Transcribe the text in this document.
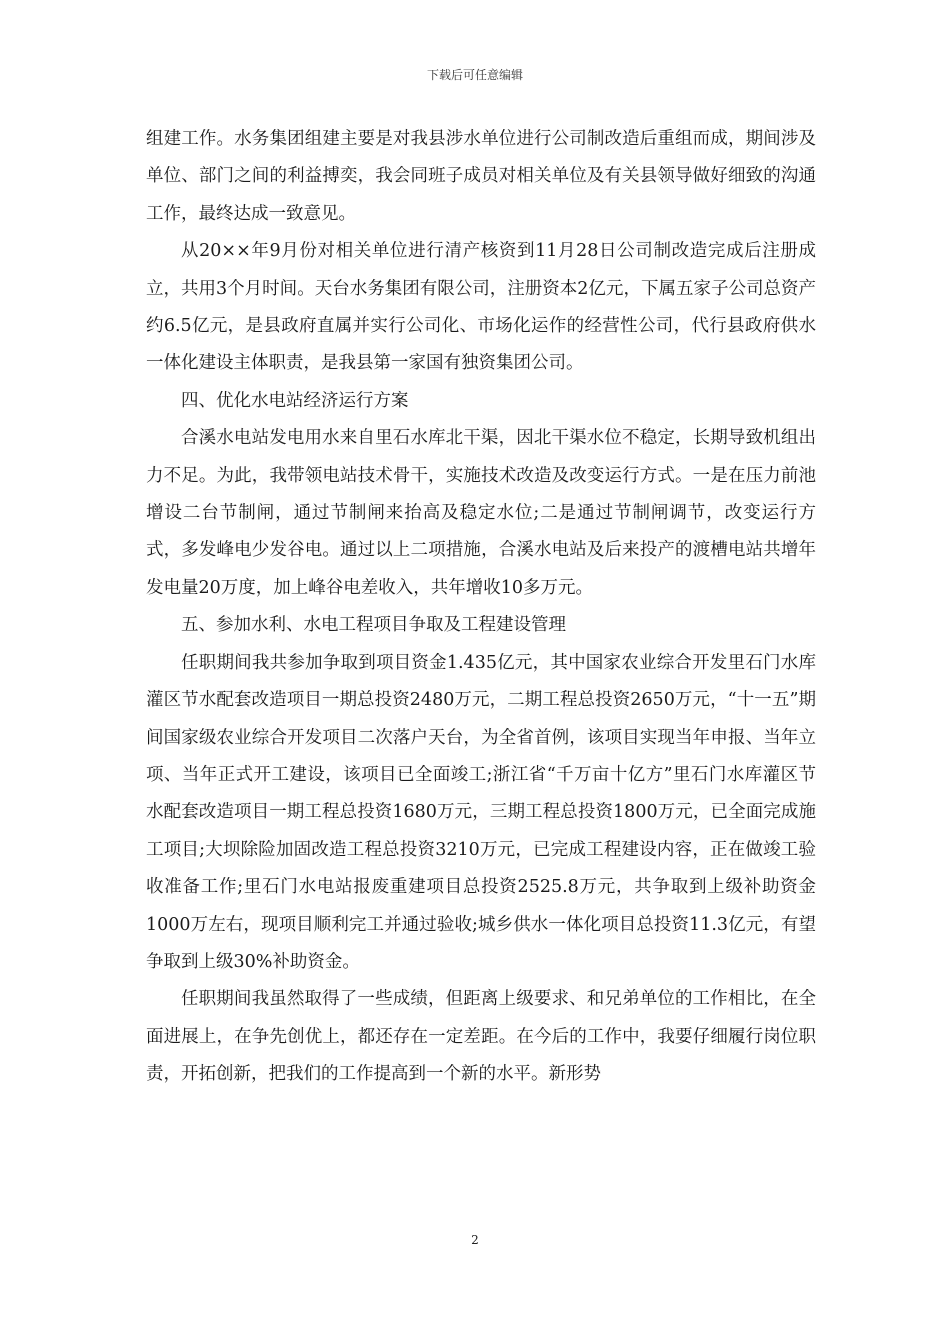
下载后可任意编辑

组建工作。水务集团组建主要是对我县涉水单位进行公司制改造后重组而成，期间涉及单位、部门之间的利益搏奕，我会同班子成员对相关单位及有关县领导做好细致的沟通工作，最终达成一致意见。

从20××年9月份对相关单位进行清产核资到11月28日公司制改造完成后注册成立，共用3个月时间。天台水务集团有限公司，注册资本2亿元，下属五家子公司总资产约6.5亿元，是县政府直属并实行公司化、市场化运作的经营性公司，代行县政府供水一体化建设主体职责，是我县第一家国有独资集团公司。

四、优化水电站经济运行方案

合溪水电站发电用水来自里石水库北干渠，因北干渠水位不稳定，长期导致机组出力不足。为此，我带领电站技术骨干，实施技术改造及改变运行方式。一是在压力前池增设二台节制闸，通过节制闸来抬高及稳定水位;二是通过节制闸调节，改变运行方式，多发峰电少发谷电。通过以上二项措施，合溪水电站及后来投产的渡槽电站共增年发电量20万度，加上峰谷电差收入，共年增收10多万元。

五、参加水利、水电工程项目争取及工程建设管理

任职期间我共参加争取到项目资金1.435亿元，其中国家农业综合开发里石门水库灌区节水配套改造项目一期总投资2480万元，二期工程总投资2650万元，“十一五”期间国家级农业综合开发项目二次落户天台，为全省首例，该项目实现当年申报、当年立项、当年正式开工建设，该项目已全面竣工;浙江省“千万亩十亿方”里石门水库灌区节水配套改造项目一期工程总投资1680万元，三期工程总投资1800万元，已全面完成施工项目;大坝除险加固改造工程总投资3210万元，已完成工程建设内容，正在做竣工验收准备工作;里石门水电站报废重建项目总投资2525.8万元，共争取到上级补助资金1000万左右，现项目顺利完工并通过验收;城乡供水一体化项目总投资11.3亿元，有望争取到上级30%补助资金。

任职期间我虽然取得了一些成绩，但距离上级要求、和兄弟单位的工作相比，在全面进展上，在争先创优上，都还存在一定差距。在今后的工作中，我要仔细履行岗位职责，开拓创新，把我们的工作提高到一个新的水平。新形势

2
